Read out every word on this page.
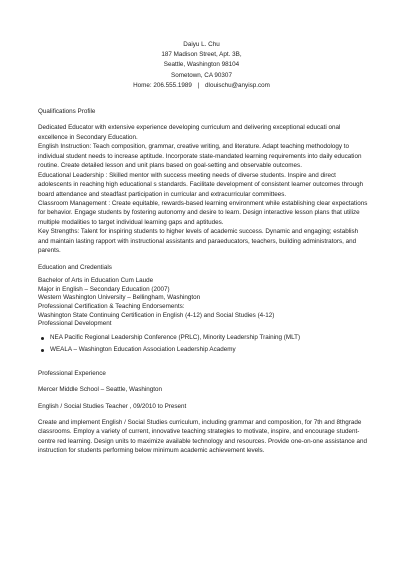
Daiyu L. Chu
187 Madison Street, Apt. 3B,
Seattle, Washington 98104
Sometown, CA 90307
Home: 206.555.1989 | dlouischu@anyisp.com
Qualifications Profile

Dedicated Educator with extensive experience developing curriculum and delivering exceptional educati onal excellence in Secondary Education.

English Instruction: Teach composition, grammar, creative writing, and literature. Adapt teaching methodology to individual student needs to increase aptitude. Incorporate state-mandated learning requirements into daily education routine. Create detailed lesson and unit plans based on goal-setting and observable outcomes.

Educational Leadership : Skilled mentor with success meeting needs of diverse students. Inspire and direct adolescents in reaching high educational s standards. Facilitate development of consistent learner outcomes through board attendance and steadfast participation in curricular and extracurricular committees.

Classroom Management : Create equitable, rewards-based learning environment while establishing clear expectations for behavior. Engage students by fostering autonomy and desire to learn. Design interactive lesson plans that utilize multiple modalities to target individual learning gaps and aptitudes.

Key Strengths: Talent for inspiring students to higher levels of academic success. Dynamic and engaging; establish and maintain lasting rapport with instructional assistants and paraeducators, teachers, building administrators, and parents.

Education and Credentials
Bachelor of Arts in Education Cum Laude
Major in English – Secondary Education (2007)
Western Washington University – Bellingham, Washington
Professional Certification & Teaching Endorsements:
Washington State Continuing Certification in English (4-12) and Social Studies (4-12)
Professional Development
NEA Pacific Regional Leadership Conference (PRLC), Minority Leadership Training (MLT)
WEALA – Washington Education Association Leadership Academy
Professional Experience

Mercer Middle School – Seattle, Washington

English / Social Studies Teacher , 09/2010 to Present

Create and implement English / Social Studies curriculum, including grammar and composition, for 7th and 8thgrade classrooms. Employ a variety of current, innovative teaching strategies to motivate, inspire, and encourage student-centre red learning. Design units to maximize available technology and resources. Provide one-on-one assistance and instruction for students performing below minimum academic achievement levels.
